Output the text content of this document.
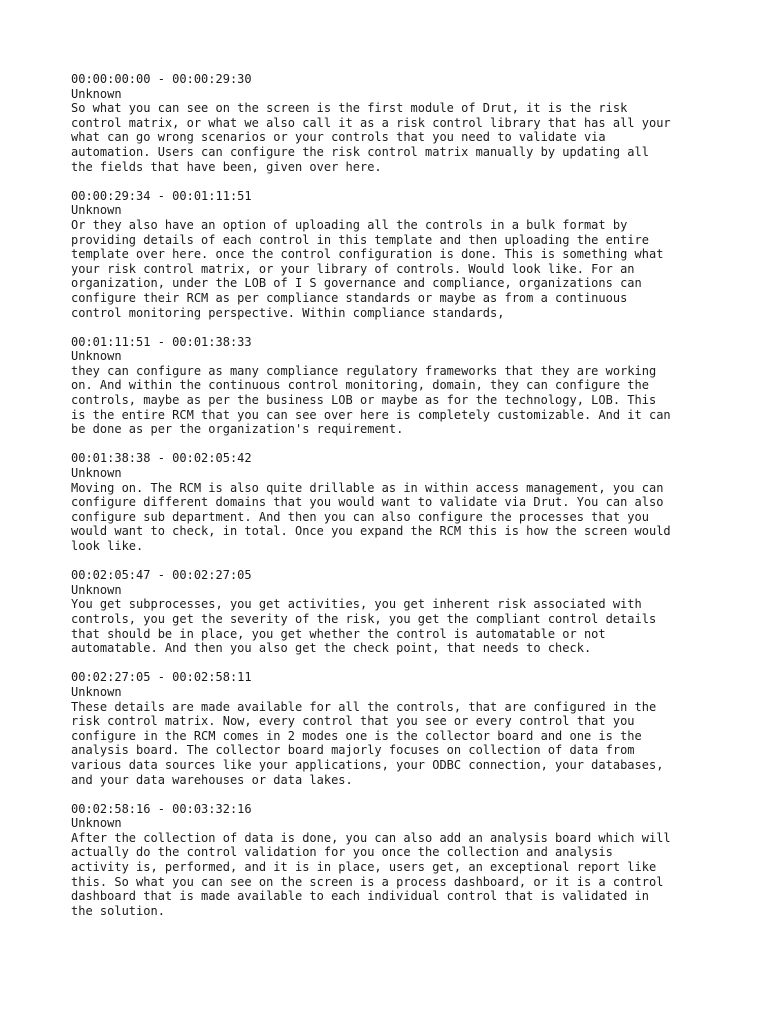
00:00:00:00 - 00:00:29:30
Unknown
So what you can see on the screen is the first module of Drut, it is the risk
control matrix, or what we also call it as a risk control library that has all your
what can go wrong scenarios or your controls that you need to validate via
automation. Users can configure the risk control matrix manually by updating all
the fields that have been, given over here.
00:00:29:34 - 00:01:11:51
Unknown
Or they also have an option of uploading all the controls in a bulk format by
providing details of each control in this template and then uploading the entire
template over here. once the control configuration is done. This is something what
your risk control matrix, or your library of controls. Would look like. For an
organization, under the LOB of I S governance and compliance, organizations can
configure their RCM as per compliance standards or maybe as from a continuous
control monitoring perspective. Within compliance standards,
00:01:11:51 - 00:01:38:33
Unknown
they can configure as many compliance regulatory frameworks that they are working
on. And within the continuous control monitoring, domain, they can configure the
controls, maybe as per the business LOB or maybe as for the technology, LOB. This
is the entire RCM that you can see over here is completely customizable. And it can
be done as per the organization's requirement.
00:01:38:38 - 00:02:05:42
Unknown
Moving on. The RCM is also quite drillable as in within access management, you can
configure different domains that you would want to validate via Drut. You can also
configure sub department. And then you can also configure the processes that you
would want to check, in total. Once you expand the RCM this is how the screen would
look like.
00:02:05:47 - 00:02:27:05
Unknown
You get subprocesses, you get activities, you get inherent risk associated with
controls, you get the severity of the risk, you get the compliant control details
that should be in place, you get whether the control is automatable or not
automatable. And then you also get the check point, that needs to check.
00:02:27:05 - 00:02:58:11
Unknown
These details are made available for all the controls, that are configured in the
risk control matrix. Now, every control that you see or every control that you
configure in the RCM comes in 2 modes one is the collector board and one is the
analysis board. The collector board majorly focuses on collection of data from
various data sources like your applications, your ODBC connection, your databases,
and your data warehouses or data lakes.
00:02:58:16 - 00:03:32:16
Unknown
After the collection of data is done, you can also add an analysis board which will
actually do the control validation for you once the collection and analysis
activity is, performed, and it is in place, users get, an exceptional report like
this. So what you can see on the screen is a process dashboard, or it is a control
dashboard that is made available to each individual control that is validated in
the solution.
